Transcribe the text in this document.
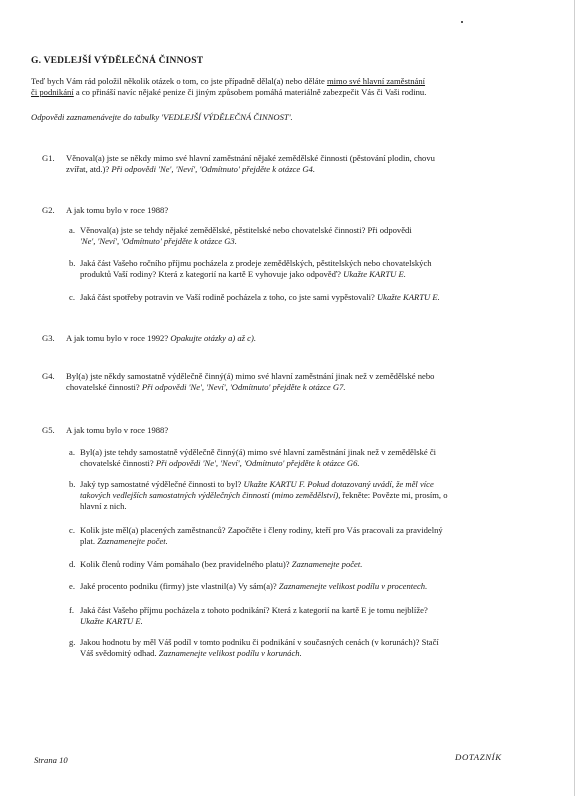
G. VEDLEJŠÍ VÝDĚLEČNÁ ČINNOST
Teď bych Vám rád položil několik otázek o tom, co jste případně dělal(a) nebo děláte mimo své hlavní zaměstnání
či podnikání a co přináší navíc nějaké penize či jiným způsobem pomáhá materiálně zabezpečit Vás či Vaši rodinu.
Odpovědi zaznamenávejte do tabulky 'VEDLEJŠÍ VÝDĚLEČNÁ ČINNOST'.
G1. Věnoval(a) jste se někdy mimo své hlavní zaměstnání nějaké zemědělské činnosti (pěstování plodin, chovu
zvířat, atd.)? Při odpovědi 'Ne', 'Neví', 'Odmítnuto' přejděte k otázce G4.
G2. A jak tomu bylo v roce 1988?
a. Věnoval(a) jste se tehdy nějaké zemědělské, pěstitelské nebo chovatelské činnosti? Při odpovědi
'Ne', 'Neví', 'Odmítnuto' přejděte k otázce G3.
b. Jaká část Vašeho ročního příjmu pocházela z prodeje zemědělských, pěstitelských nebo chovatelských
produktů Vaší rodiny? Která z kategorií na kartě E vyhovuje jako odpověď? Ukažte KARTU E.
c. Jaká část spotřeby potravin ve Vaší rodině pocházela z toho, co jste sami vypěstovali? Ukažte KARTU E.
G3. A jak tomu bylo v roce 1992? Opakujte otázky a) až c).
G4. Byl(a) jste někdy samostatně výdělečně činný(á) mimo své hlavní zaměstnání jinak než v zemědělské nebo
chovatelské činnosti? Při odpovědi 'Ne', 'Neví', 'Odmítnuto' přejděte k otázce G7.
G5. A jak tomu bylo v roce 1988?
a. Byl(a) jste tehdy samostatně výdělečně činný(á) mimo své hlavní zaměstnání jinak než v zemědělské či
chovatelské činnosti? Při odpovědi 'Ne', 'Neví', 'Odmítnuto' přejděte k otázce G6.
b. Jaký typ samostatné výdělečné činnosti to byl? Ukažte KARTU F. Pokud dotazovaný uvádí, že měl více
takových vedlejších samostatných výdělečných činností (mimo zemědělství), řekněte: Povězte mi, prosím, o
hlavní z nich.
c. Kolik jste měl(a) placených zaměstnanců? Započtěte i členy rodiny, kteří pro Vás pracovali za pravidelný
plat. Zaznamenejte počet.
d. Kolik členů rodiny Vám pomáhalo (bez pravidelného platu)? Zaznamenejte počet.
e. Jaké procento podniku (firmy) jste vlastnil(a) Vy sám(a)? Zaznamenejte velikost podílu v procentech.
f. Jaká část Vašeho příjmu pocházela z tohoto podnikání? Která z kategorií na kartě E je tomu nejblíže?
Ukažte KARTU E.
g. Jakou hodnotu by měl Váš podíl v tomto podniku či podnikání v současných cenách (v korunách)? Stačí
Váš svědomitý odhad. Zaznamenejte velikost podílu v korunách.
Strana 10	DOTAZNÍK
